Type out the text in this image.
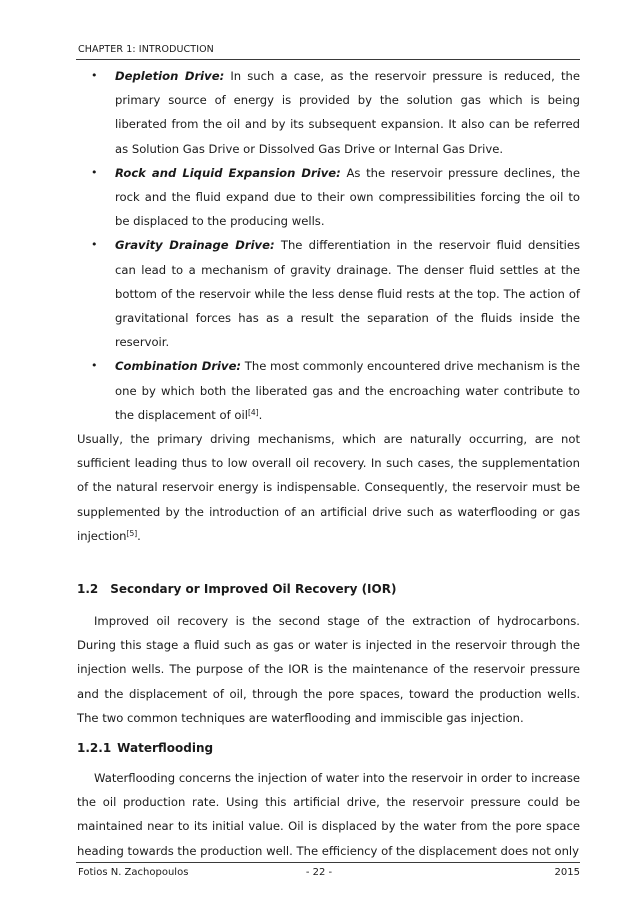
CHAPTER 1: INTRODUCTION
• Depletion Drive: In such a case, as the reservoir pressure is reduced, the primary source of energy is provided by the solution gas which is being liberated from the oil and by its subsequent expansion. It also can be referred as Solution Gas Drive or Dissolved Gas Drive or Internal Gas Drive.
• Rock and Liquid Expansion Drive: As the reservoir pressure declines, the rock and the fluid expand due to their own compressibilities forcing the oil to be displaced to the producing wells.
• Gravity Drainage Drive: The differentiation in the reservoir fluid densities can lead to a mechanism of gravity drainage. The denser fluid settles at the bottom of the reservoir while the less dense fluid rests at the top. The action of gravitational forces has as a result the separation of the fluids inside the reservoir.
• Combination Drive: The most commonly encountered drive mechanism is the one by which both the liberated gas and the encroaching water contribute to the displacement of oil[4].

Usually, the primary driving mechanisms, which are naturally occurring, are not sufficient leading thus to low overall oil recovery. In such cases, the supplementation of the natural reservoir energy is indispensable. Consequently, the reservoir must be supplemented by the introduction of an artificial drive such as waterflooding or gas injection[5].

1.2 Secondary or Improved Oil Recovery (IOR)

Improved oil recovery is the second stage of the extraction of hydrocarbons. During this stage a fluid such as gas or water is injected in the reservoir through the injection wells. The purpose of the IOR is the maintenance of the reservoir pressure and the displacement of oil, through the pore spaces, toward the production wells. The two common techniques are waterflooding and immiscible gas injection.

1.2.1 Waterflooding

Waterflooding concerns the injection of water into the reservoir in order to increase the oil production rate. Using this artificial drive, the reservoir pressure could be maintained near to its initial value. Oil is displaced by the water from the pore space heading towards the production well. The efficiency of the displacement does not only

Fotios N. Zachopoulos	- 22 -	2015
